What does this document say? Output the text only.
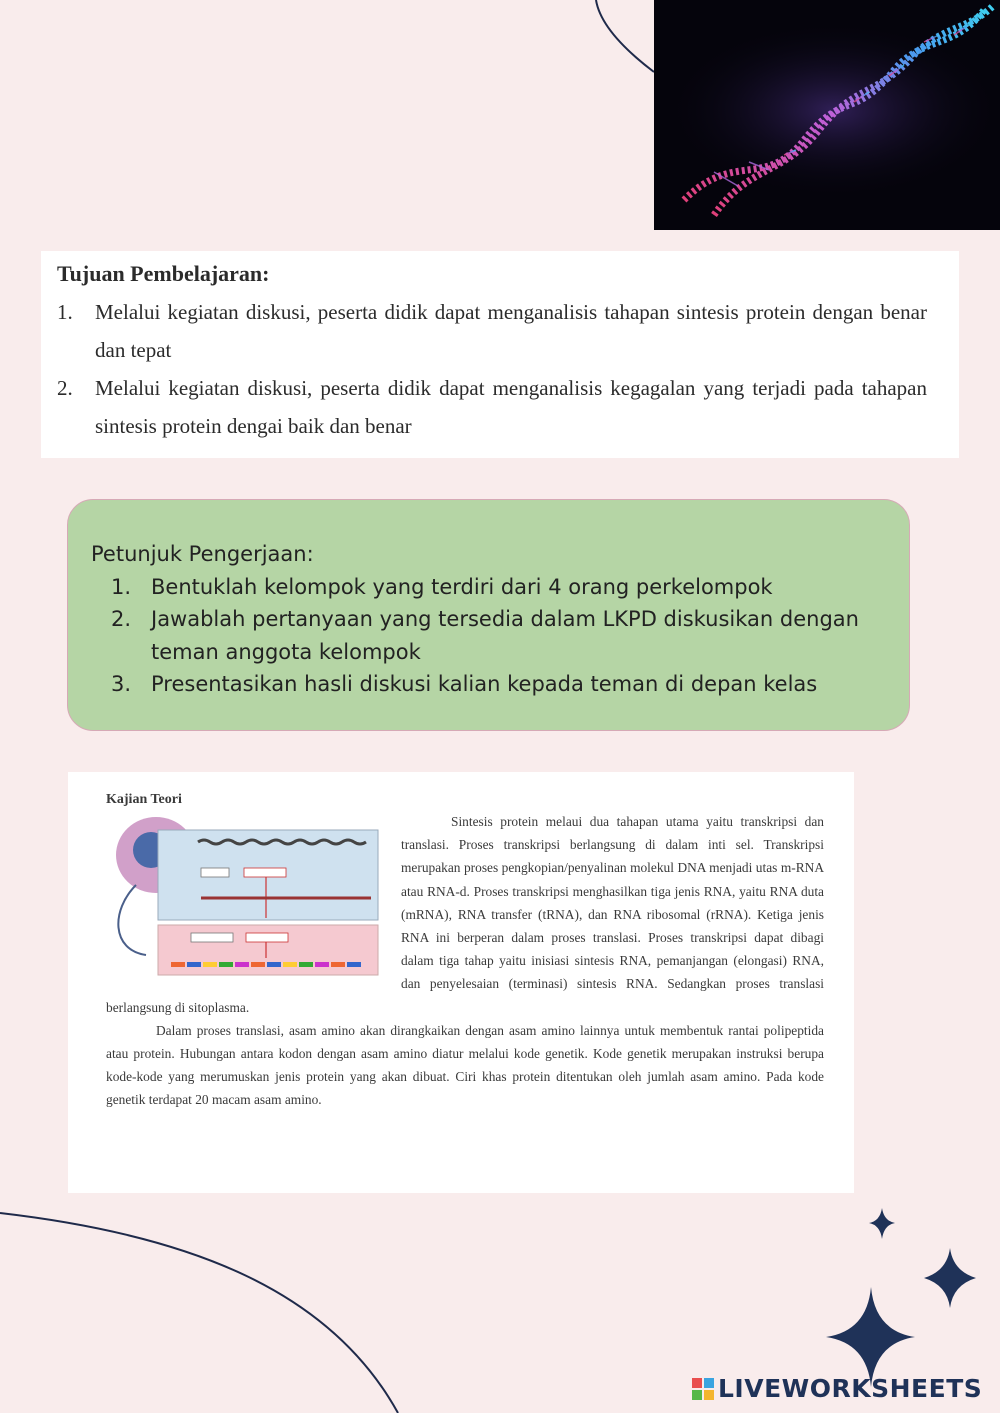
Tujuan Pembelajaran:
1.	Melalui kegiatan diskusi, peserta didik dapat menganalisis tahapan sintesis protein dengan benar dan tepat
2.	Melalui kegiatan diskusi, peserta didik dapat menganalisis kegagalan yang terjadi pada tahapan sintesis protein dengai baik dan benar
Petunjuk Pengerjaan:
1. Bentuklah kelompok yang terdiri dari 4 orang perkelompok
2. Jawablah pertanyaan yang tersedia dalam LKPD diskusikan dengan teman anggota kelompok
3. Presentasikan hasli diskusi kalian kepada teman di depan kelas
Kajian Teori

Sintesis protein melaui dua tahapan utama yaitu transkripsi dan translasi. Proses transkripsi berlangsung di dalam inti sel. Transkripsi merupakan proses pengkopian/penyalinan molekul DNA menjadi utas m-RNA atau RNA-d. Proses transkripsi menghasilkan tiga jenis RNA, yaitu RNA duta (mRNA), RNA transfer (tRNA), dan RNA ribosomal (rRNA). Ketiga jenis RNA ini berperan dalam proses translasi. Proses transkripsi dapat dibagi dalam tiga tahap yaitu inisiasi sintesis RNA, pemanjangan (elongasi) RNA, dan penyelesaian (terminasi) sintesis RNA. Sedangkan proses translasi berlangsung di sitoplasma.

Dalam proses translasi, asam amino akan dirangkaikan dengan asam amino lainnya untuk membentuk rantai polipeptida atau protein. Hubungan antara kodon dengan asam amino diatur melalui kode genetik. Kode genetik merupakan instruksi berupa kode-kode yang merumuskan jenis protein yang akan dibuat. Ciri khas protein ditentukan oleh jumlah asam amino. Pada kode genetik terdapat 20 macam asam amino.

LIVEWORKSHEETS
